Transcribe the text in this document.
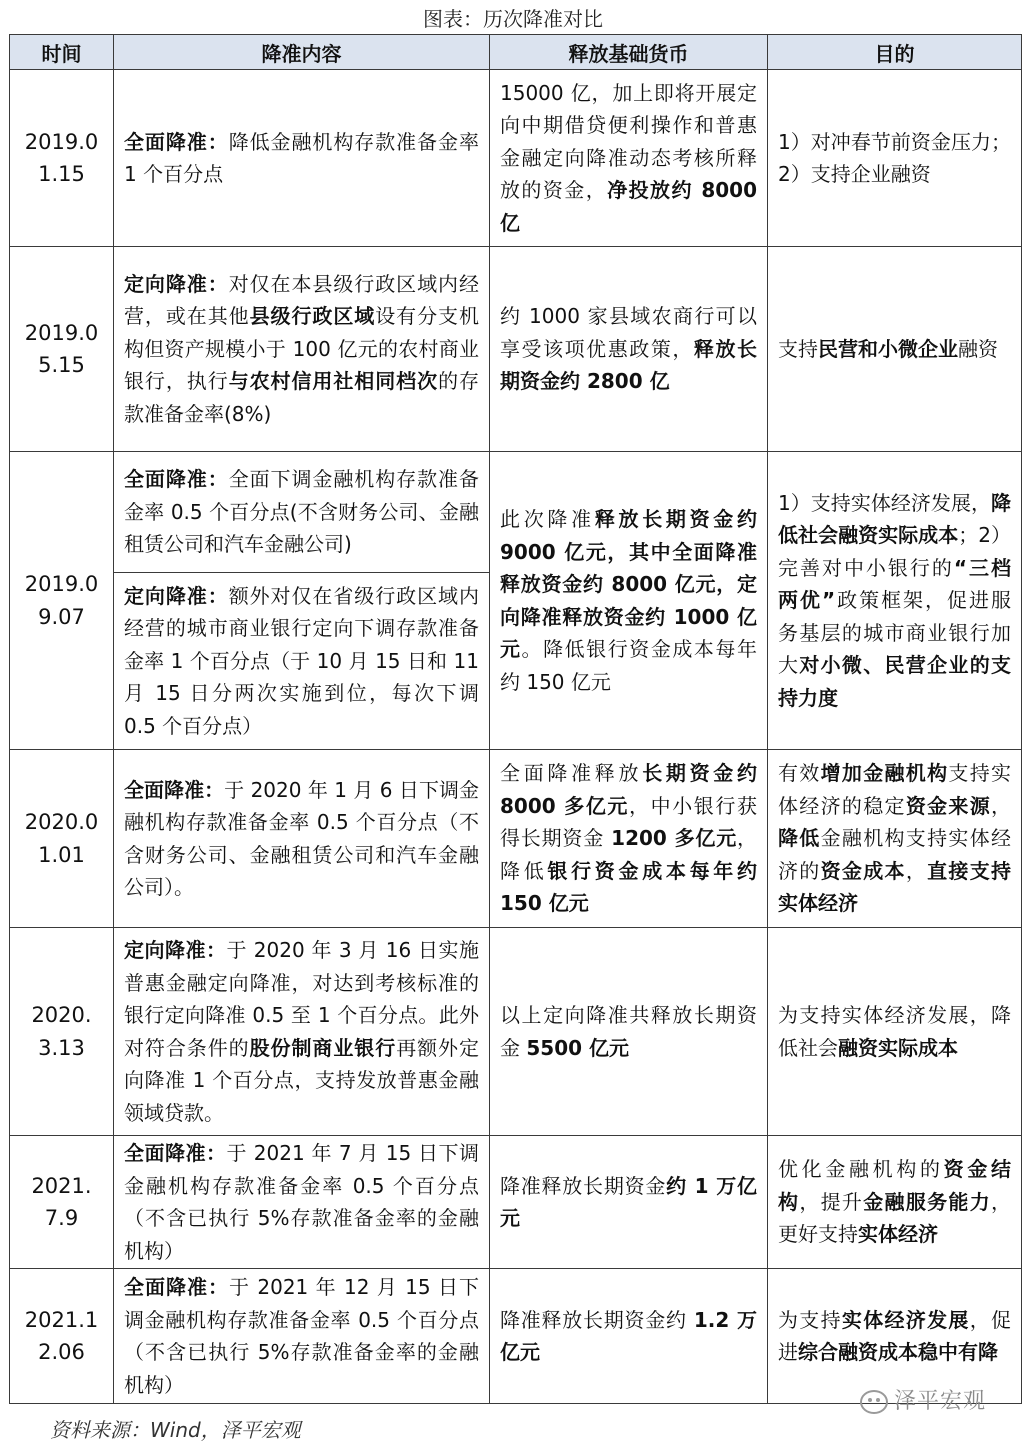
图表：历次降准对比
时间	降准内容	释放基础货币	目的
2019.01.15	全面降准：降低金融机构存款准备金率 1 个百分点	15000 亿，加上即将开展定向中期借贷便利操作和普惠金融定向降准动态考核所释放的资金，净投放约 8000 亿	1）对冲春节前资金压力；2）支持企业融资
2019.05.15	定向降准：对仅在本县级行政区域内经营，或在其他县级行政区域设有分支机构但资产规模小于 100 亿元的农村商业银行，执行与农村信用社相同档次的存款准备金率(8%)	约 1000 家县域农商行可以享受该项优惠政策，释放长期资金约 2800 亿	支持民营和小微企业融资
2019.09.07	全面降准：全面下调金融机构存款准备金率 0.5 个百分点(不含财务公司、金融租赁公司和汽车金融公司)	此次降准释放长期资金约 9000 亿元，其中全面降准释放资金约 8000 亿元，定向降准释放资金约 1000 亿元。降低银行资金成本每年约 150 亿元	1）支持实体经济发展，降低社会融资实际成本；2）完善对中小银行的“三档两优”政策框架，促进服务基层的城市商业银行加大对小微、民营企业的支持力度
	定向降准：额外对仅在省级行政区域内经营的城市商业银行定向下调存款准备金率 1 个百分点（于 10 月 15 日和 11 月 15 日分两次实施到位，每次下调 0.5 个百分点）		
2020.01.01	全面降准：于 2020 年 1 月 6 日下调金融机构存款准备金率 0.5 个百分点（不含财务公司、金融租赁公司和汽车金融公司）。	全面降准释放长期资金约 8000 多亿元，中小银行获得长期资金 1200 多亿元，降低银行资金成本每年约 150 亿元	有效增加金融机构支持实体经济的稳定资金来源，降低金融机构支持实体经济的资金成本，直接支持实体经济
2020.3.13	定向降准：于 2020 年 3 月 16 日实施普惠金融定向降准，对达到考核标准的银行定向降准 0.5 至 1 个百分点。此外对符合条件的股份制商业银行再额外定向降准 1 个百分点，支持发放普惠金融领域贷款。	以上定向降准共释放长期资金 5500 亿元	为支持实体经济发展，降低社会融资实际成本
2021.7.9	全面降准：于 2021 年 7 月 15 日下调金融机构存款准备金率 0.5 个百分点（不含已执行 5%存款准备金率的金融机构）	降准释放长期资金约 1 万亿元	优化金融机构的资金结构，提升金融服务能力，更好支持实体经济
2021.12.06	全面降准：于 2021 年 12 月 15 日下调金融机构存款准备金率 0.5 个百分点（不含已执行 5%存款准备金率的金融机构）	降准释放长期资金约 1.2 万亿元	为支持实体经济发展，促进综合融资成本稳中有降
泽平宏观
资料来源：Wind，泽平宏观
